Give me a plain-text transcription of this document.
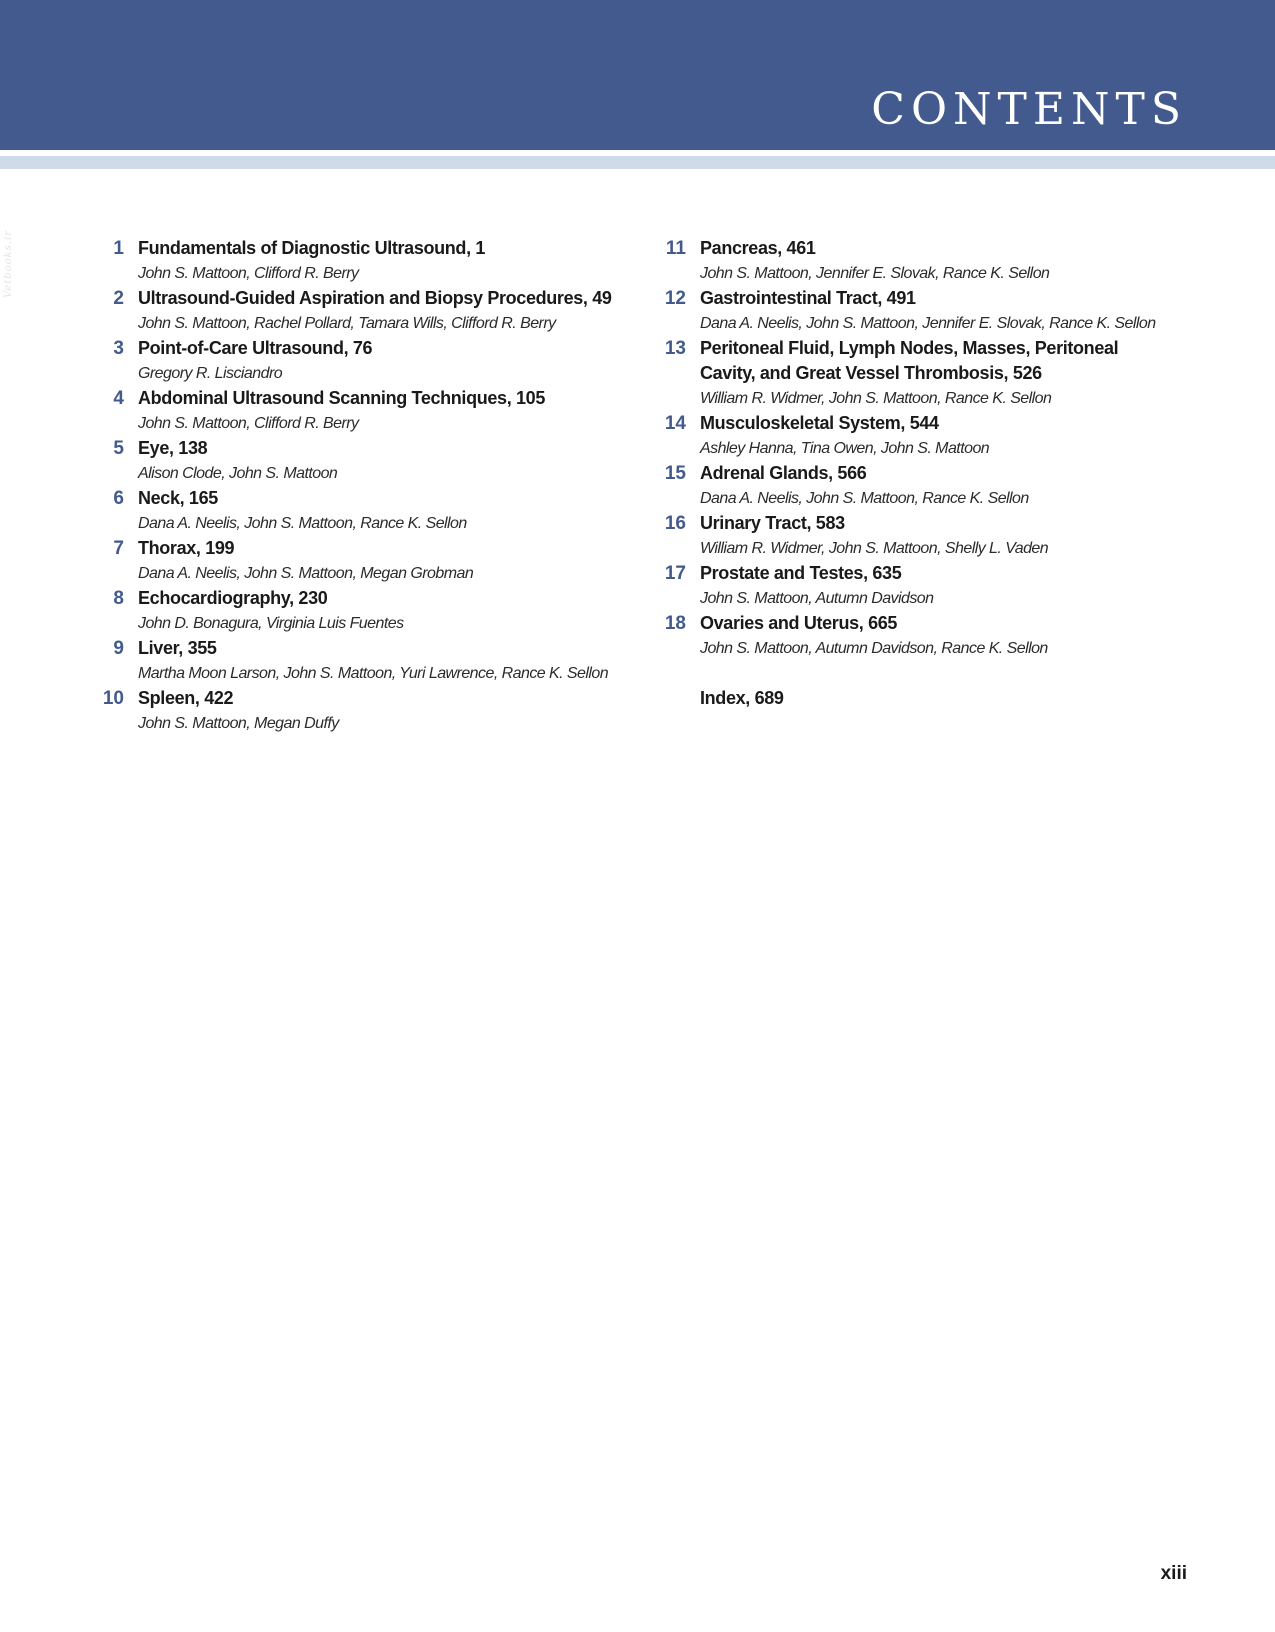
CONTENTS
Vetbooks.ir	1 Fundamentals of Diagnostic Ultrasound, 1
John S. Mattoon, Clifford R. Berry
2 Ultrasound-Guided Aspiration and Biopsy Procedures, 49
John S. Mattoon, Rachel Pollard, Tamara Wills, Clifford R. Berry
3 Point-of-Care Ultrasound, 76
Gregory R. Lisciandro
4 Abdominal Ultrasound Scanning Techniques, 105
John S. Mattoon, Clifford R. Berry
5 Eye, 138
Alison Clode, John S. Mattoon
6 Neck, 165
Dana A. Neelis, John S. Mattoon, Rance K. Sellon
7 Thorax, 199
Dana A. Neelis, John S. Mattoon, Megan Grobman
8 Echocardiography, 230
John D. Bonagura, Virginia Luis Fuentes
9 Liver, 355
Martha Moon Larson, John S. Mattoon, Yuri Lawrence, Rance K. Sellon
10 Spleen, 422
John S. Mattoon, Megan Duffy
11 Pancreas, 461
John S. Mattoon, Jennifer E. Slovak, Rance K. Sellon
12 Gastrointestinal Tract, 491
Dana A. Neelis, John S. Mattoon, Jennifer E. Slovak, Rance K. Sellon
13 Peritoneal Fluid, Lymph Nodes, Masses, Peritoneal
Cavity, and Great Vessel Thrombosis, 526
William R. Widmer, John S. Mattoon, Rance K. Sellon
14 Musculoskeletal System, 544
Ashley Hanna, Tina Owen, John S. Mattoon
15 Adrenal Glands, 566
Dana A. Neelis, John S. Mattoon, Rance K. Sellon
16 Urinary Tract, 583
William R. Widmer, John S. Mattoon, Shelly L. Vaden
17 Prostate and Testes, 635
John S. Mattoon, Autumn Davidson
18 Ovaries and Uterus, 665
John S. Mattoon, Autumn Davidson, Rance K. Sellon
Index, 689
xiii
